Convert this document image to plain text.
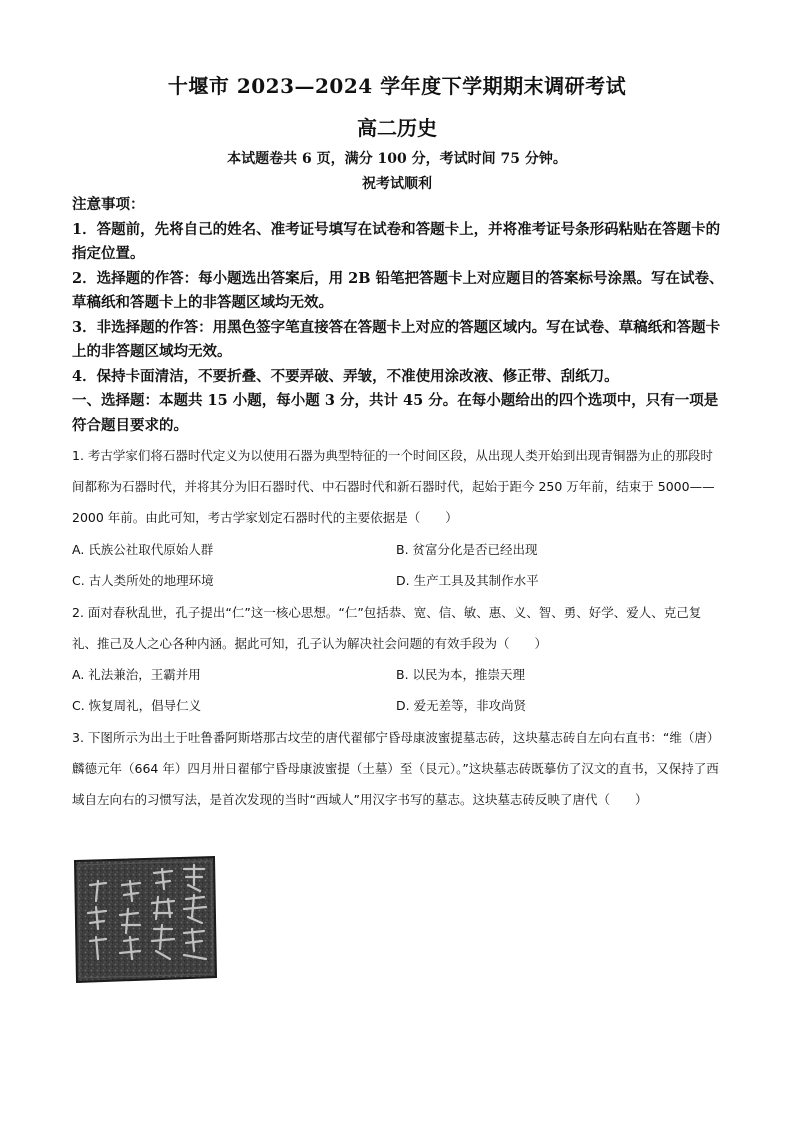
十堰市 2023—2024 学年度下学期期末调研考试
高二历史
本试题卷共 6 页，满分 100 分，考试时间 75 分钟。
祝考试顺利

注意事项：

1．答题前，先将自己的姓名、准考证号填写在试卷和答题卡上，并将准考证号条形码粘贴在答题卡的指定位置。

2．选择题的作答：每小题选出答案后，用 2B 铅笔把答题卡上对应题目的答案标号涂黑。写在试卷、草稿纸和答题卡上的非答题区域均无效。

3．非选择题的作答：用黑色签字笔直接答在答题卡上对应的答题区域内。写在试卷、草稿纸和答题卡上的非答题区域均无效。

4．保持卡面清洁，不要折叠、不要弄破、弄皱，不准使用涂改液、修正带、刮纸刀。

一、选择题：本题共 15 小题，每小题 3 分，共计 45 分。在每小题给出的四个选项中，只有一项是符合题目要求的。

1. 考古学家们将石器时代定义为以使用石器为典型特征的一个时间区段，从出现人类开始到出现青铜器为止的那段时间都称为石器时代，并将其分为旧石器时代、中石器时代和新石器时代，起始于距今 250 万年前，结束于 5000——2000 年前。由此可知，考古学家划定石器时代的主要依据是（　　）

A. 氏族公社取代原始人群	B. 贫富分化是否已经出现
C. 古人类所处的地理环境	D. 生产工具及其制作水平

2. 面对春秋乱世，孔子提出“仁”这一核心思想。“仁”包括恭、宽、信、敏、惠、义、智、勇、好学、爱人、克己复礼、推己及人之心各种内涵。据此可知，孔子认为解决社会问题的有效手段为（　　）

A. 礼法兼治，王霸并用	B. 以民为本，推崇天理
C. 恢复周礼，倡导仁义	D. 爱无差等，非攻尚贤

3. 下图所示为出土于吐鲁番阿斯塔那古坟茔的唐代翟郁宁昏母康波蜜提墓志砖，这块墓志砖自左向右直书：“维（唐）麟德元年（664 年）四月卅日翟郁宁昏母康波蜜提（土墓）至（艮元）。”这块墓志砖既摹仿了汉文的直书，又保持了西域自左向右的习惯写法，是首次发现的当时“西域人”用汉字书写的墓志。这块墓志砖反映了唐代（　　）
